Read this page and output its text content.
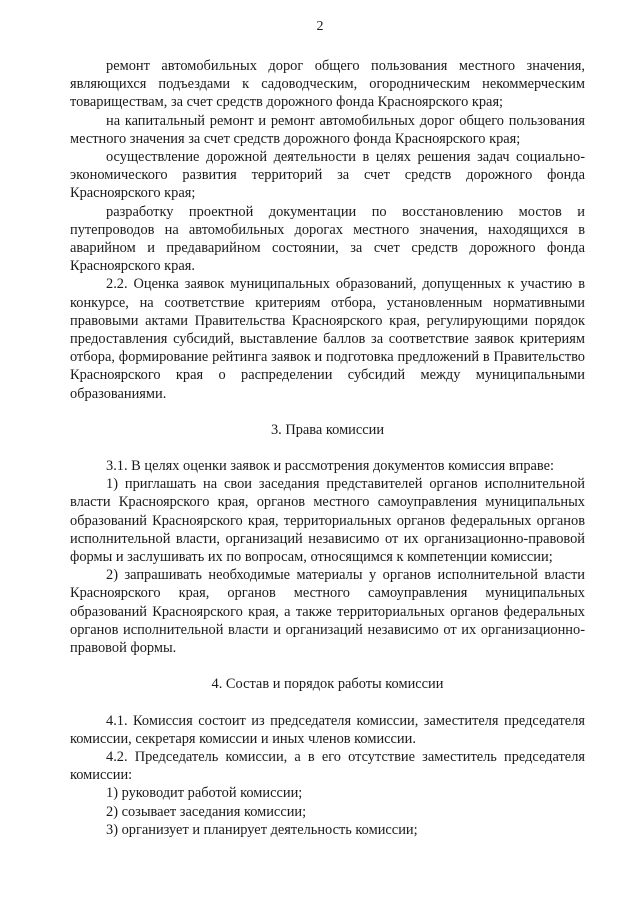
2

ремонт автомобильных дорог общего пользования местного значения, являющихся подъездами к садоводческим, огородническим некоммерческим товариществам, за счет средств дорожного фонда Красноярского края;

на капитальный ремонт и ремонт автомобильных дорог общего пользования местного значения за счет средств дорожного фонда Красноярского края;

осуществление дорожной деятельности в целях решения задач социально-экономического развития территорий за счет средств дорожного фонда Красноярского края;

разработку проектной документации по восстановлению мостов и путепроводов на автомобильных дорогах местного значения, находящихся в аварийном и предаварийном состоянии, за счет средств дорожного фонда Красноярского края.

2.2. Оценка заявок муниципальных образований, допущенных к участию в конкурсе, на соответствие критериям отбора, установленным нормативными правовыми актами Правительства Красноярского края, регулирующими порядок предоставления субсидий, выставление баллов за соответствие заявок критериям отбора, формирование рейтинга заявок и подготовка предложений в Правительство Красноярского края о распределении субсидий между муниципальными образованиями.

3. Права комиссии

3.1. В целях оценки заявок и рассмотрения документов комиссия вправе:

1) приглашать на свои заседания представителей органов исполнительной власти Красноярского края, органов местного самоуправления муниципальных образований Красноярского края, территориальных органов федеральных органов исполнительной власти, организаций независимо от их организационно-правовой формы и заслушивать их по вопросам, относящимся к компетенции комиссии;

2) запрашивать необходимые материалы у органов исполнительной власти Красноярского края, органов местного самоуправления муниципальных образований Красноярского края, а также территориальных органов федеральных органов исполнительной власти и организаций независимо от их организационно-правовой формы.

4. Состав и порядок работы комиссии

4.1. Комиссия состоит из председателя комиссии, заместителя председателя комиссии, секретаря комиссии и иных членов комиссии.

4.2. Председатель комиссии, а в его отсутствие заместитель председателя комиссии:

1) руководит работой комиссии;

2) созывает заседания комиссии;

3) организует и планирует деятельность комиссии;
